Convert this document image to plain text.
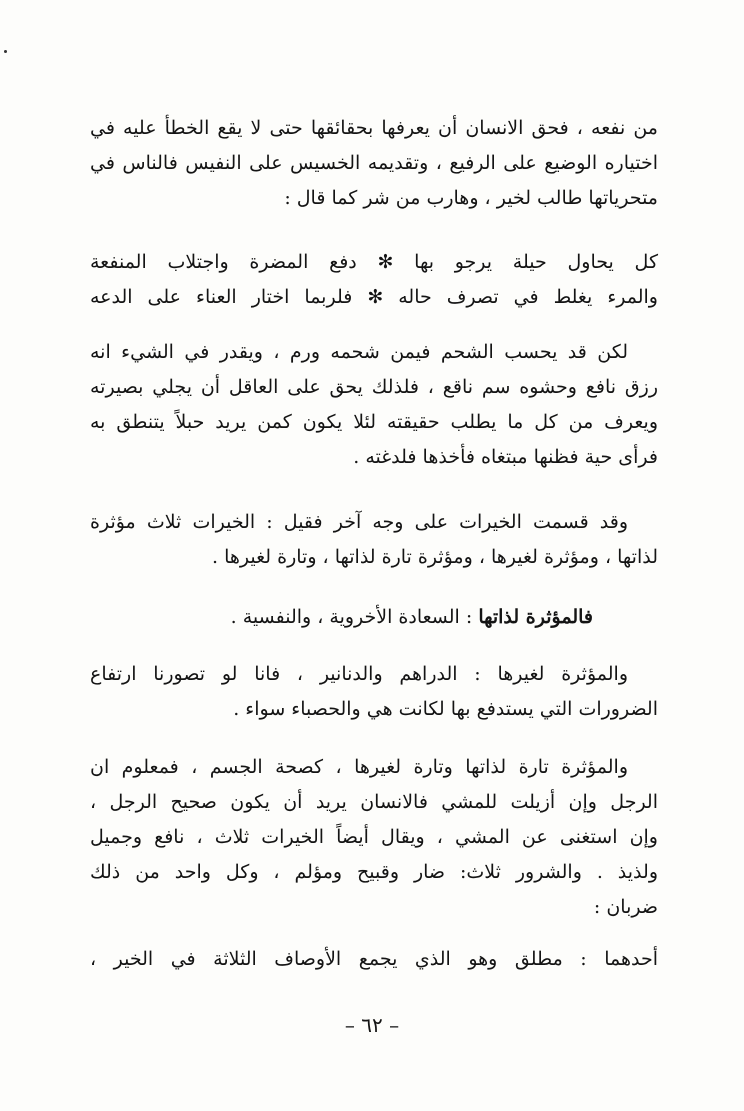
من نفعه ، فحق الانسان أن يعرفها بحقائقها حتى لا يقع الخطأ عليه في
اختياره الوضيع على الرفيع ، وتقديمه الخسيس على النفيس فالناس في
متحرياتها طالب لخير ، وهارب من شر كما قال :
كل يحاول حيلة يرجو بها ✻ دفع المضرة واجتلاب المنفعة
والمرء يغلط في تصرف حاله ✻ فلربما اختار العناء على الدعه
لكن قد يحسب الشحم فيمن شحمه ورم ، ويقدر في الشيء انه
رزق نافع وحشوه سم ناقع ، فلذلك يحق على العاقل أن يجلي بصيرته
ويعرف من كل ما يطلب حقيقته لئلا يكون كمن يريد حبلاً يتنطق به
فرأى حية فظنها مبتغاه فأخذها فلدغته .
وقد قسمت الخيرات على وجه آخر فقيل : الخيرات ثلاث مؤثرة
لذاتها ، ومؤثرة لغيرها ، ومؤثرة تارة لذاتها ، وتارة لغيرها .
فالمؤثرة لذاتها : السعادة الأخروية ، والنفسية .
والمؤثرة لغيرها : الدراهم والدنانير ، فانا لو تصورنا ارتفاع
الضرورات التي يستدفع بها لكانت هي والحصباء سواء .
والمؤثرة تارة لذاتها وتارة لغيرها ، كصحة الجسم ، فمعلوم ان
الرجل وإن أزيلت للمشي فالانسان يريد أن يكون صحيح الرجل ،
وإن استغنى عن المشي ، ويقال أيضاً الخيرات ثلاث ، نافع وجميل
ولذيذ . والشرور ثلاث: ضار وقبيح ومؤلم ، وكل واحد من ذلك
ضربان :
أحدهما : مطلق وهو الذي يجمع الأوصاف الثلاثة في الخير ،
– ٦٢ –
